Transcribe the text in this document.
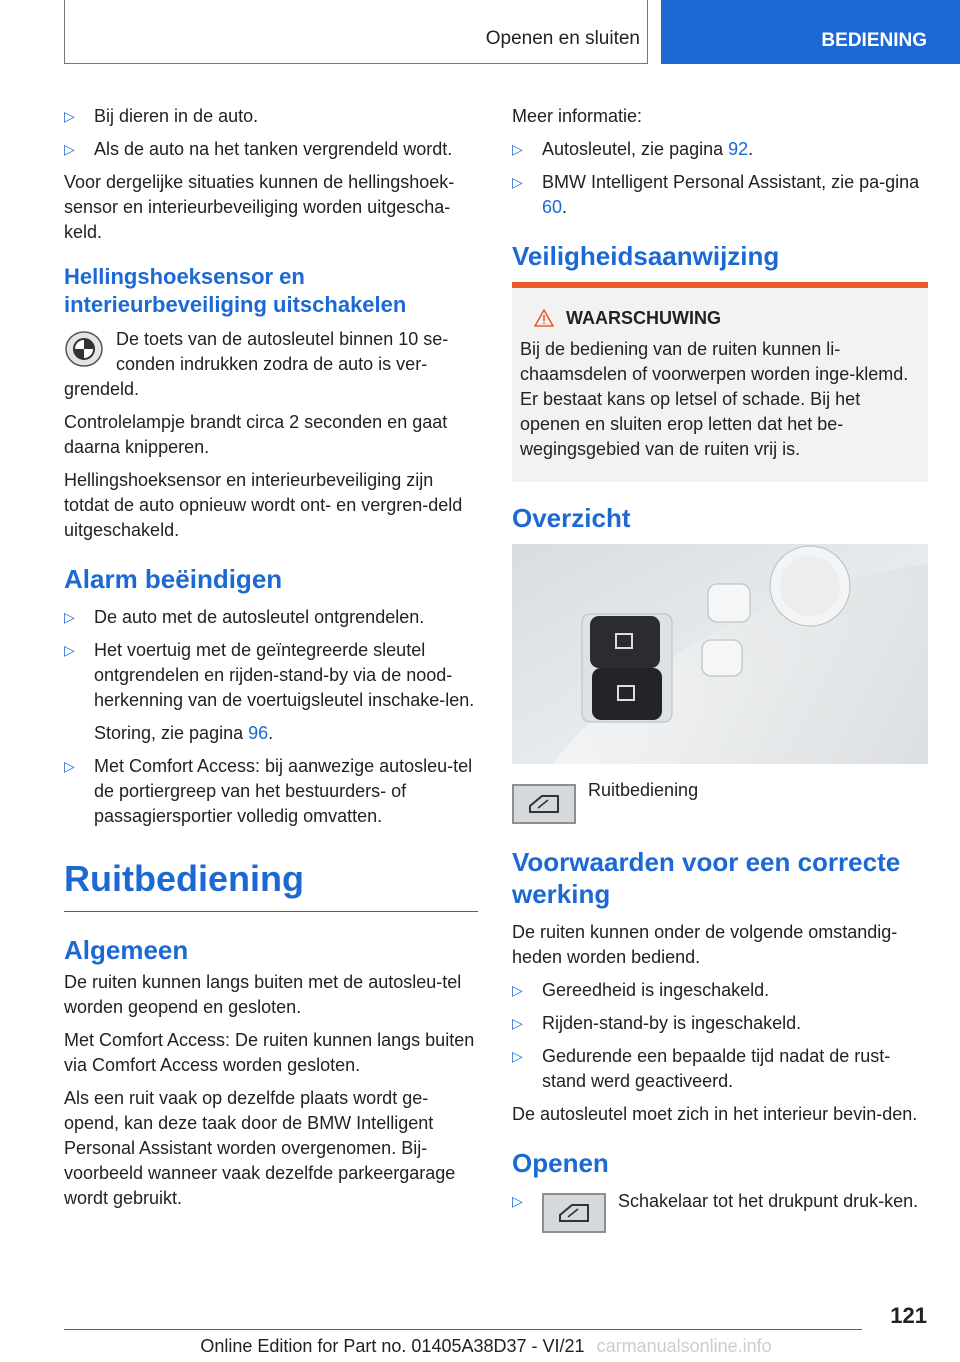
Openen en sluiten	BEDIENING
▷ Bij dieren in de auto.
▷ Als de auto na het tanken vergrendeld wordt.

Voor dergelijke situaties kunnen de hellingshoek-sensor en interieurbeveiliging worden uitgescha-keld.

Hellingshoeksensor en interieurbeveiliging uitschakelen

De toets van de autosleutel binnen 10 se-conden indrukken zodra de auto is ver-grendeld.

Controlelampje brandt circa 2 seconden en gaat daarna knipperen.

Hellingshoeksensor en interieurbeveiliging zijn totdat de auto opnieuw wordt ont- en vergren-deld uitgeschakeld.

Alarm beëindigen
▷ De auto met de autosleutel ontgrendelen.
▷ Het voertuig met de geïntegreerde sleutel ontgrendelen en rijden-stand-by via de nood-herkenning van de voertuigsleutel inschake-len.
Storing, zie pagina 96.
▷ Met Comfort Access: bij aanwezige autosleu-tel de portiergreep van het bestuurders- of passagiersportier volledig omvatten.
Ruitbediening
Algemeen

De ruiten kunnen langs buiten met de autosleu-tel worden geopend en gesloten.

Met Comfort Access: De ruiten kunnen langs buiten via Comfort Access worden gesloten.

Als een ruit vaak op dezelfde plaats wordt ge-opend, kan deze taak door de BMW Intelligent Personal Assistant worden overgenomen. Bij-voorbeeld wanneer vaak dezelfde parkeergarage wordt gebruikt.

Meer informatie:

▷ Autosleutel, zie pagina 92.
▷ BMW Intelligent Personal Assistant, zie pa-gina 60.
Veiligheidsaanwijzing
WAARSCHUWING

Bij de bediening van de ruiten kunnen li-chaamsdelen of voorwerpen worden inge-klemd. Er bestaat kans op letsel of schade. Bij het openen en sluiten erop letten dat het be-wegingsgebied van de ruiten vrij is.

Overzicht
Ruitbediening
Voorwaarden voor een correcte werking

De ruiten kunnen onder de volgende omstandig-heden worden bediend.

▷ Gereedheid is ingeschakeld.
▷ Rijden-stand-by is ingeschakeld.
▷ Gedurende een bepaalde tijd nadat de rust-stand werd geactiveerd.

De autosleutel moet zich in het interieur bevin-den.

Openen
▷	Schakelaar tot het drukpunt druk-ken.
121
Online Edition for Part no. 01405A38D37 - VI/21 carmanualsonline.info
